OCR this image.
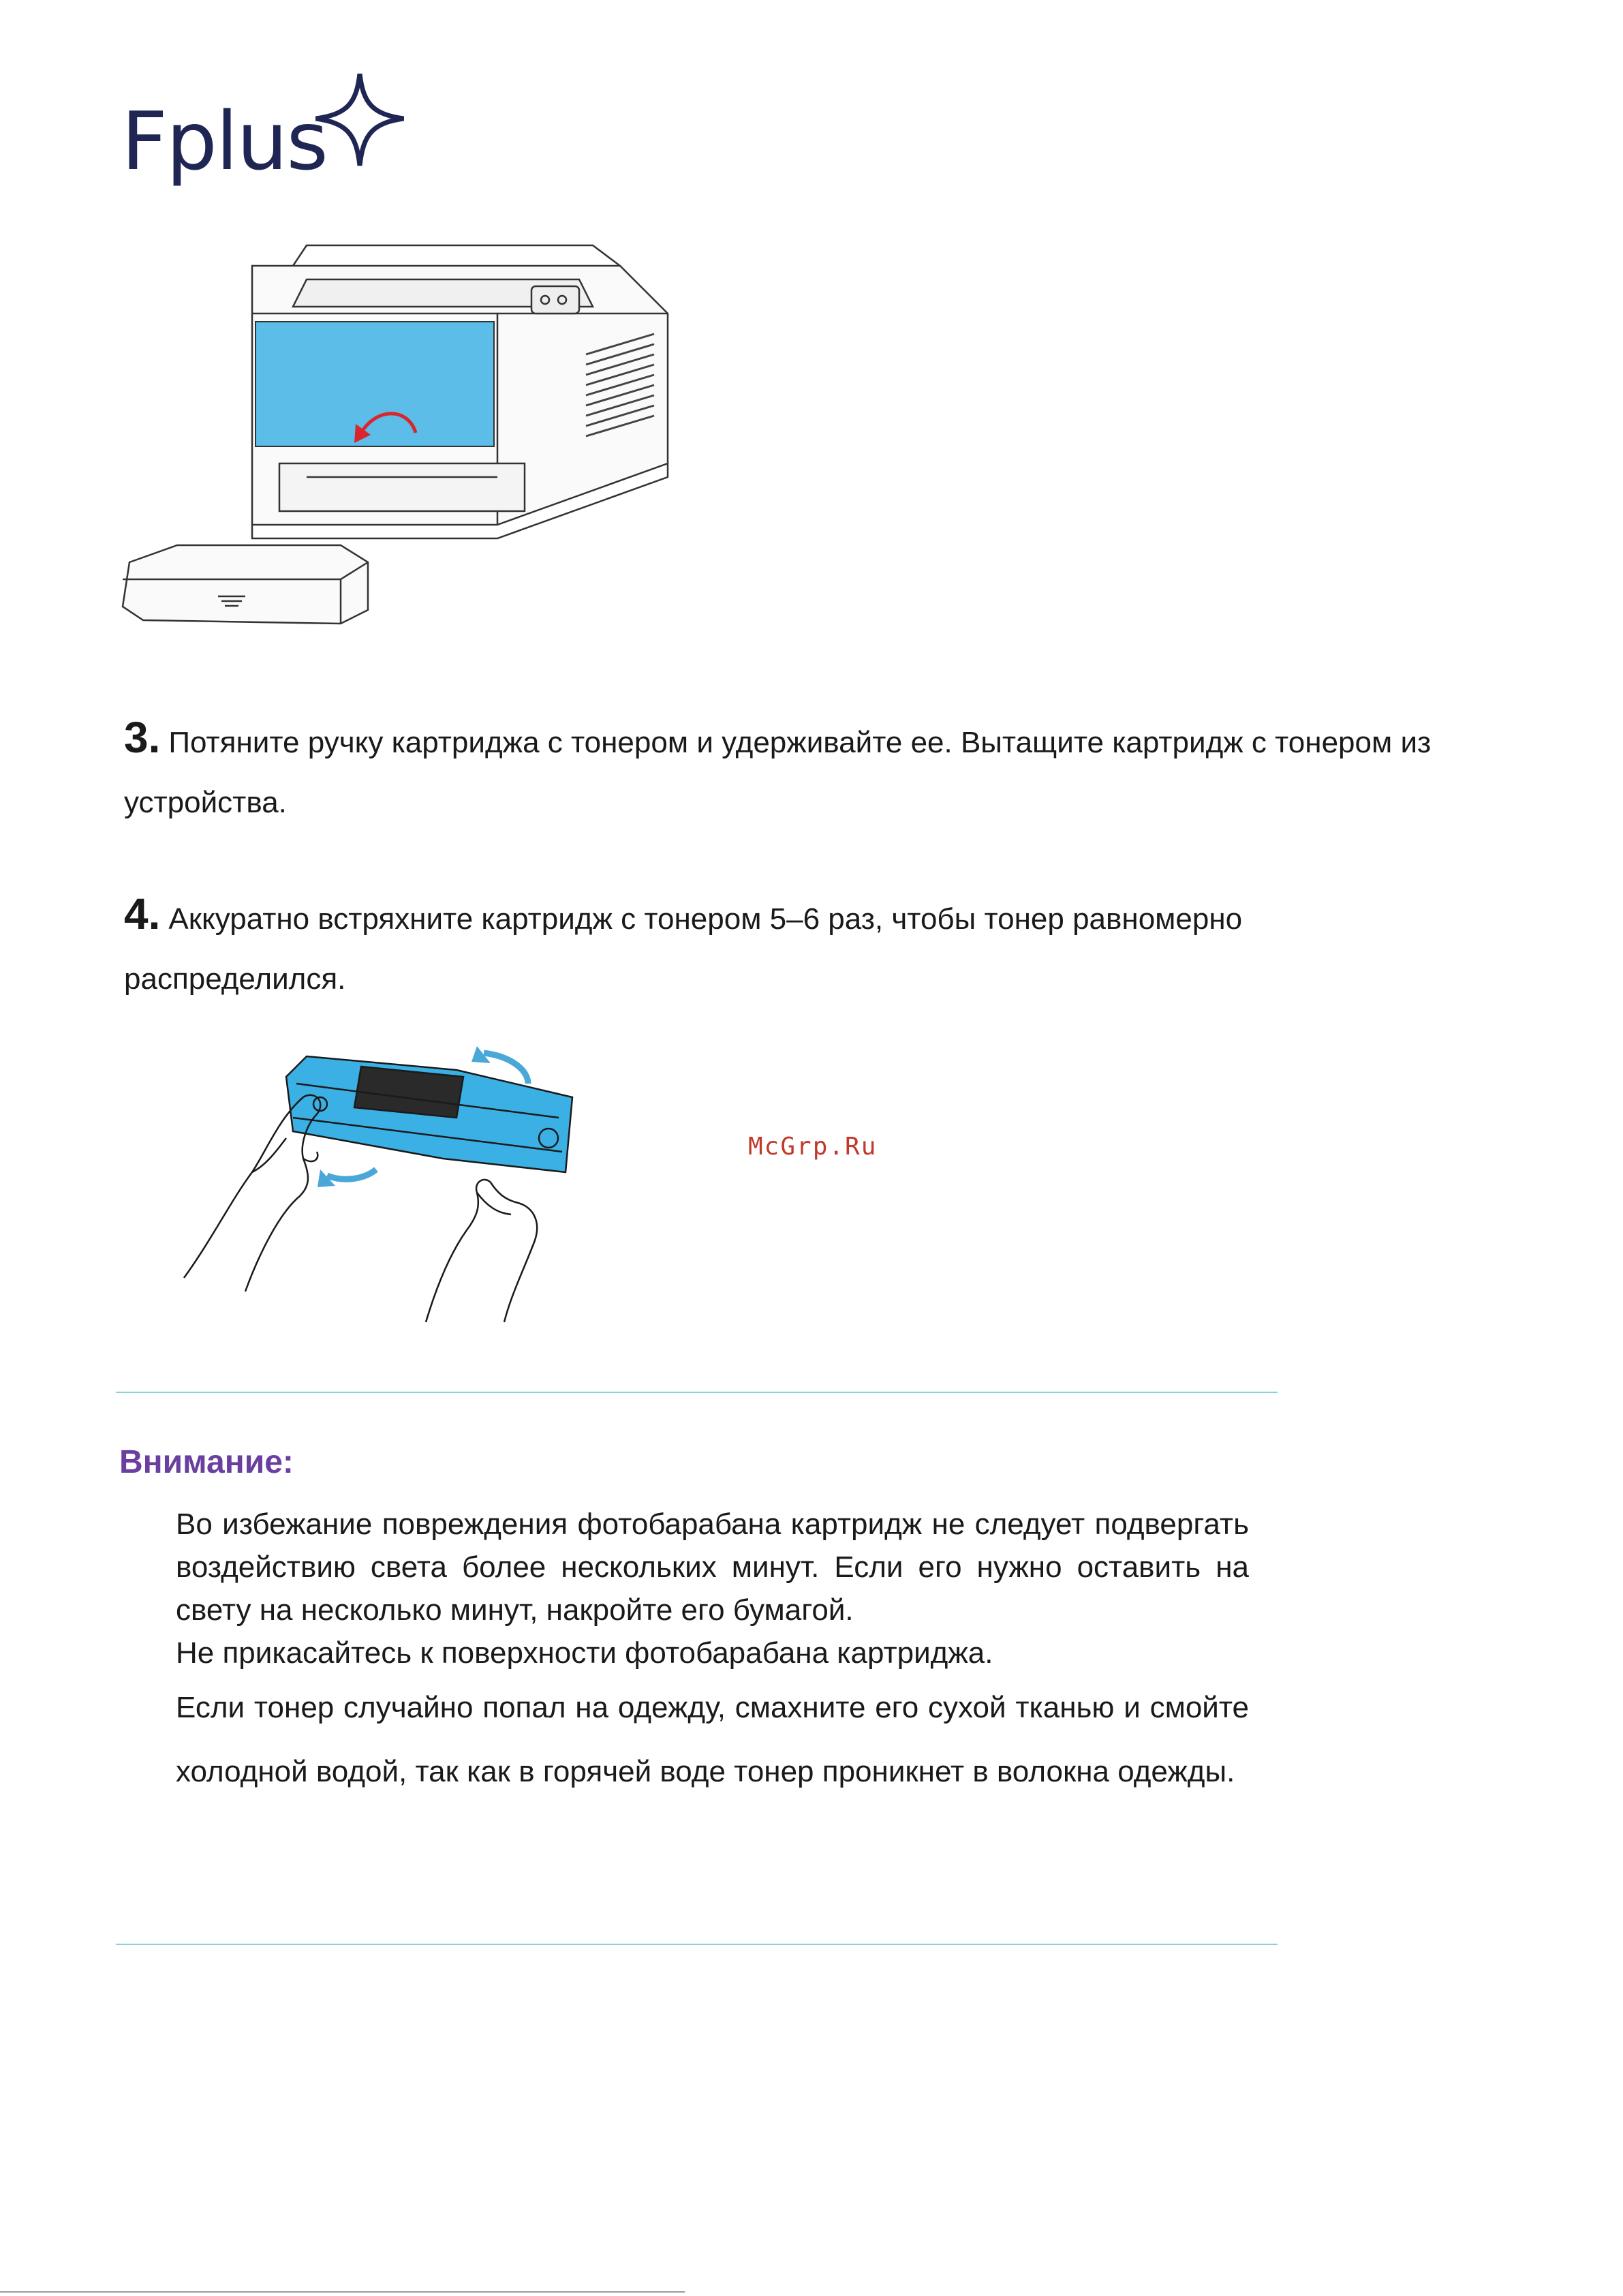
Fplus
3. Потяните ручку картриджа с тонером и удерживайте ее. Вытащите картридж с тонером из устройства.
4. Аккуратно встряхните картридж с тонером 5–6 раз, чтобы тонер равномерно распределился.
McGrp.Ru
Внимание:

Во избежание повреждения фотобарабана картридж не следует подвергать воздействию света более нескольких минут. Если его нужно оставить на свету на несколько минут, накройте его бумагой.

Не прикасайтесь к поверхности фотобарабана картриджа.

Если тонер случайно попал на одежду, смахните его сухой тканью и смойте холодной водой, так как в горячей воде тонер проникнет в волокна одежды.
